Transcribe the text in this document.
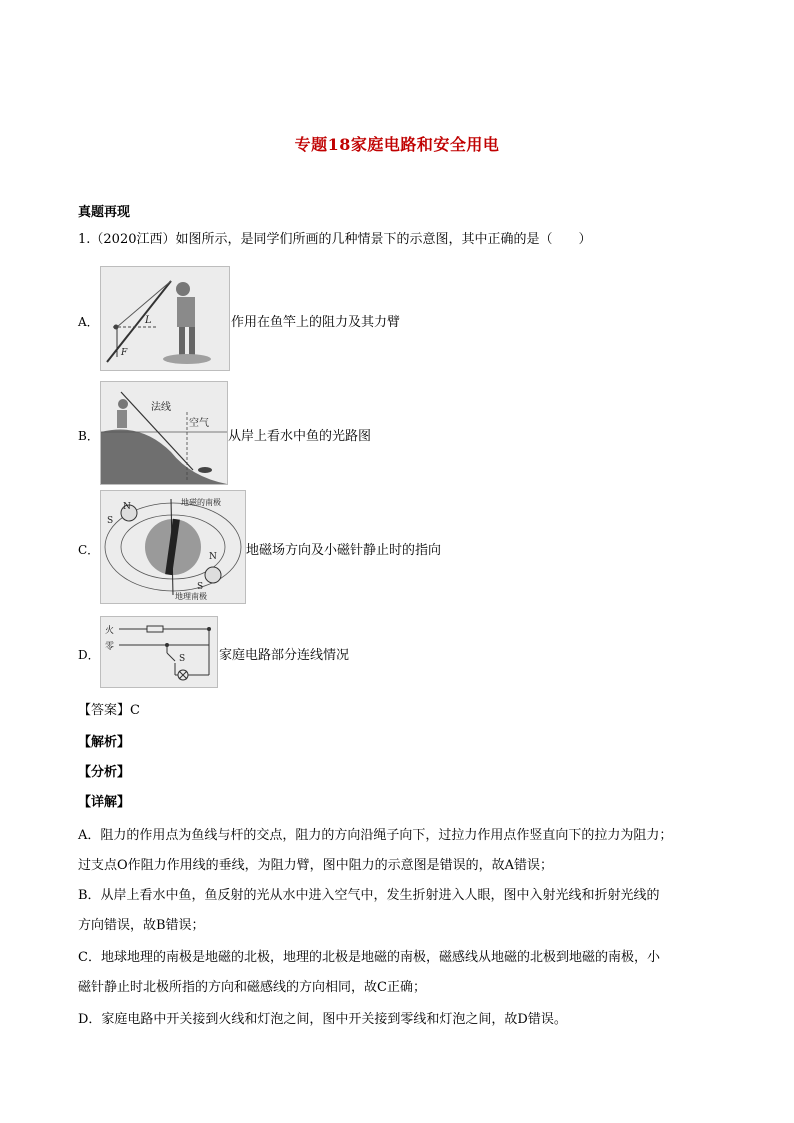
专题18家庭电路和安全用电
真题再现
1.（2020江西）如图所示，是同学们所画的几种情景下的示意图，其中正确的是（　　）
A．	L
F
作用在鱼竿上的阻力及其力臂
B．
法线
空气
从岸上看水中鱼的光路图
C．
N
S
N
S
地磁的南极
地理南极
地磁场方向及小磁针静止时的指向
D．
火
零
S	家庭电路部分连线情况
【答案】C
【解析】
【分析】
【详解】
A．阻力的作用点为鱼线与杆的交点，阻力的方向沿绳子向下，过拉力作用点作竖直向下的拉力为阻力；
过支点O作阻力作用线的垂线，为阻力臂，图中阻力的示意图是错误的，故A错误；
B．从岸上看水中鱼，鱼反射的光从水中进入空气中，发生折射进入人眼，图中入射光线和折射光线的
方向错误，故B错误；
C．地球地理的南极是地磁的北极，地理的北极是地磁的南极，磁感线从地磁的北极到地磁的南极，小
磁针静止时北极所指的方向和磁感线的方向相同，故C正确；
D．家庭电路中开关接到火线和灯泡之间，图中开关接到零线和灯泡之间，故D错误。
